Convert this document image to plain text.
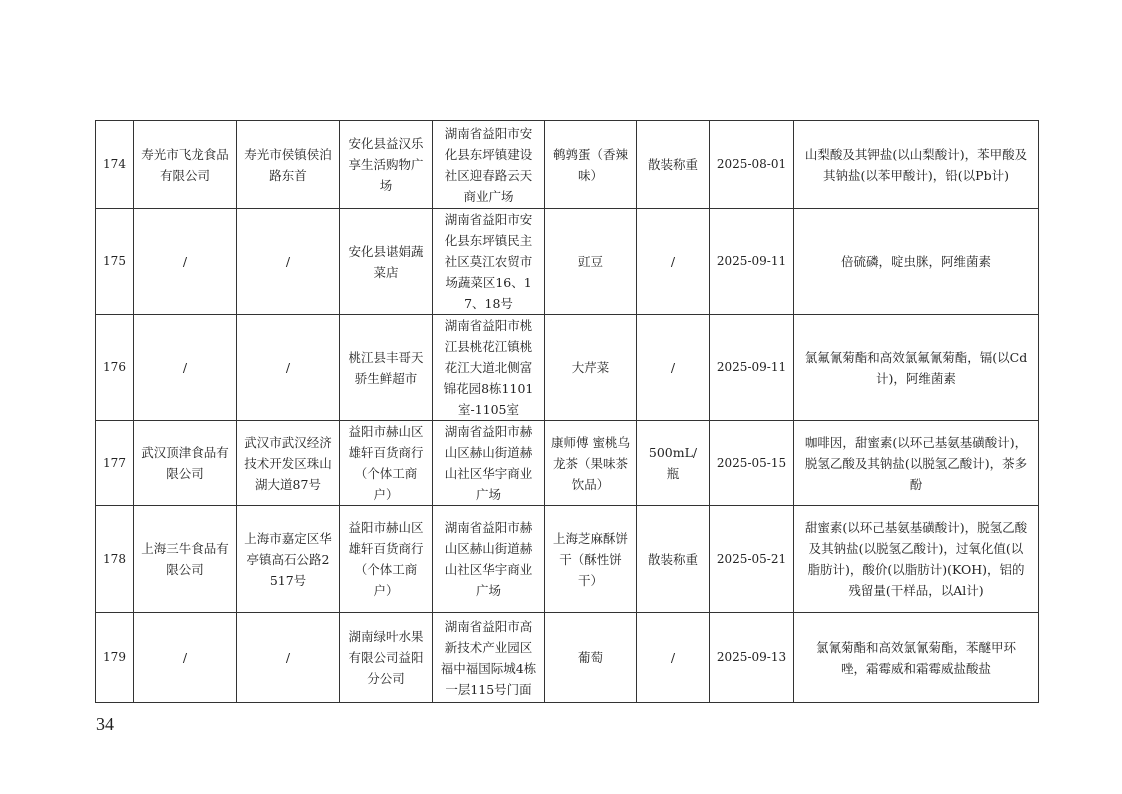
174	寿光市飞龙食品有限公司	寿光市侯镇侯泊路东首	安化县益汉乐享生活购物广场	湖南省益阳市安化县东坪镇建设社区迎春路云天商业广场	鹌鹑蛋（香辣味）	散装称重	2025-08-01	山梨酸及其钾盐(以山梨酸计)，苯甲酸及其钠盐(以苯甲酸计)，铅(以Pb计)
175	/	/	安化县谌娟蔬菜店	湖南省益阳市安化县东坪镇民主社区莫江农贸市场蔬菜区16、17、18号	豇豆	/	2025-09-11	倍硫磷，啶虫脒，阿维菌素
176	/	/	桃江县丰哥天骄生鲜超市	湖南省益阳市桃江县桃花江镇桃花江大道北侧富锦花园8栋1101室-1105室	大芹菜	/	2025-09-11	氯氟氰菊酯和高效氯氟氰菊酯，镉(以Cd计)，阿维菌素
177	武汉顶津食品有限公司	武汉市武汉经济技术开发区珠山湖大道87号	益阳市赫山区雄轩百货商行（个体工商户）	湖南省益阳市赫山区赫山街道赫山社区华宇商业广场	康师傅 蜜桃乌龙茶（果味茶饮品）	500mL/瓶	2025-05-15	咖啡因，甜蜜素(以环己基氨基磺酸计)，脱氢乙酸及其钠盐(以脱氢乙酸计)，茶多酚
178	上海三牛食品有限公司	上海市嘉定区华亭镇高石公路2517号	益阳市赫山区雄轩百货商行（个体工商户）	湖南省益阳市赫山区赫山街道赫山社区华宇商业广场	上海芝麻酥饼干（酥性饼干）	散装称重	2025-05-21	甜蜜素(以环己基氨基磺酸计)，脱氢乙酸及其钠盐(以脱氢乙酸计)，过氧化值(以脂肪计)，酸价(以脂肪计)(KOH)，铝的残留量(干样品，以Al计)
179	/	/	湖南绿叶水果有限公司益阳分公司	湖南省益阳市高新技术产业园区福中福国际城4栋一层115号门面	葡萄	/	2025-09-13	氯氰菊酯和高效氯氰菊酯，苯醚甲环唑，霜霉威和霜霉威盐酸盐
34
